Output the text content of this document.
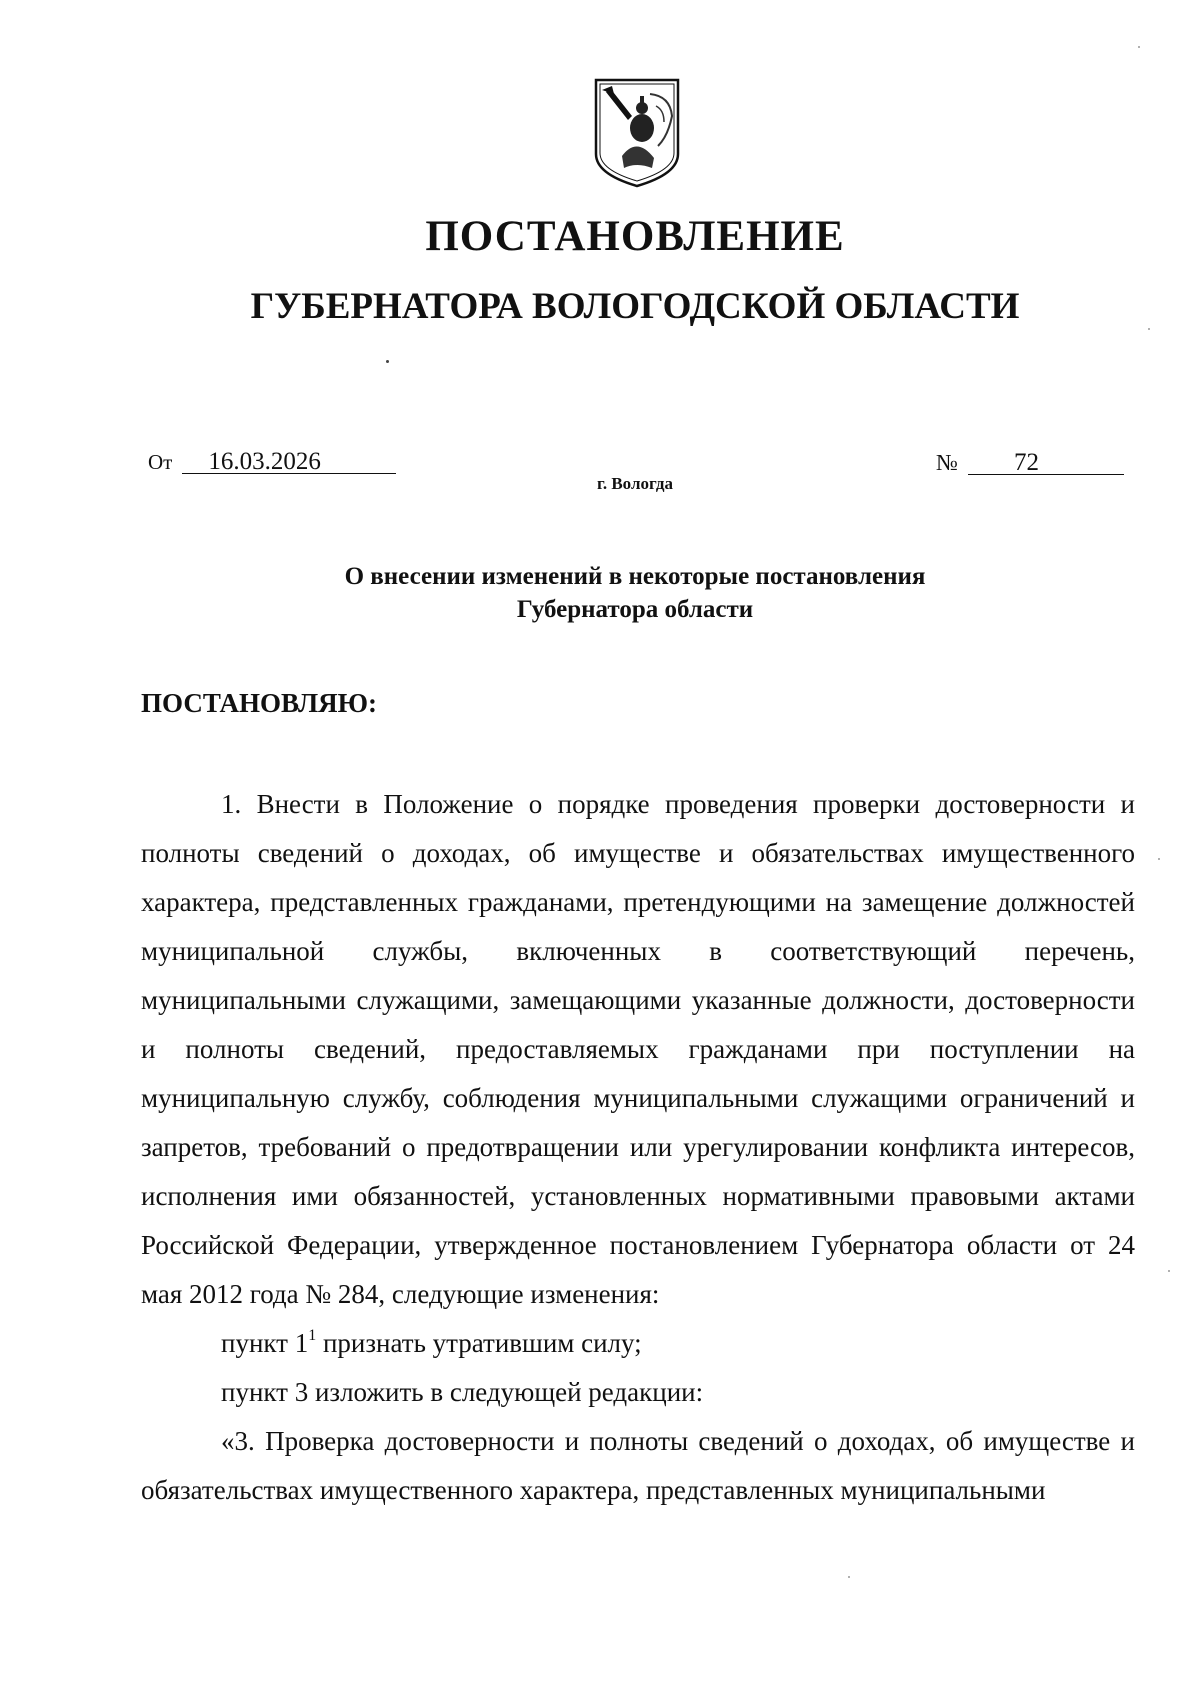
ПОСТАНОВЛЕНИЕ
ГУБЕРНАТОРА ВОЛОГОДСКОЙ ОБЛАСТИ
От 16.03.2026	№ 72
г. Вологда
О внесении изменений в некоторые постановления
Губернатора области
ПОСТАНОВЛЯЮ:

1. Внести в Положение о порядке проведения проверки достоверности и полноты сведений о доходах, об имуществе и обязательствах имущественного характера, представленных гражданами, претендующими на замещение должностей муниципальной службы, включенных в соответствующий перечень, муниципальными служащими, замещающими указанные должности, достоверности и полноты сведений, предоставляемых гражданами при поступлении на муниципальную службу, соблюдения муниципальными служащими ограничений и запретов, требований о предотвращении или урегулировании конфликта интересов, исполнения ими обязанностей, установленных нормативными правовыми актами Российской Федерации, утвержденное постановлением Губернатора области от 24 мая 2012 года № 284, следующие изменения:

пункт $1^1$ признать утратившим силу;

пункт 3 изложить в следующей редакции:

«3. Проверка достоверности и полноты сведений о доходах, об имуществе и обязательствах имущественного характера, представленных муниципальными
